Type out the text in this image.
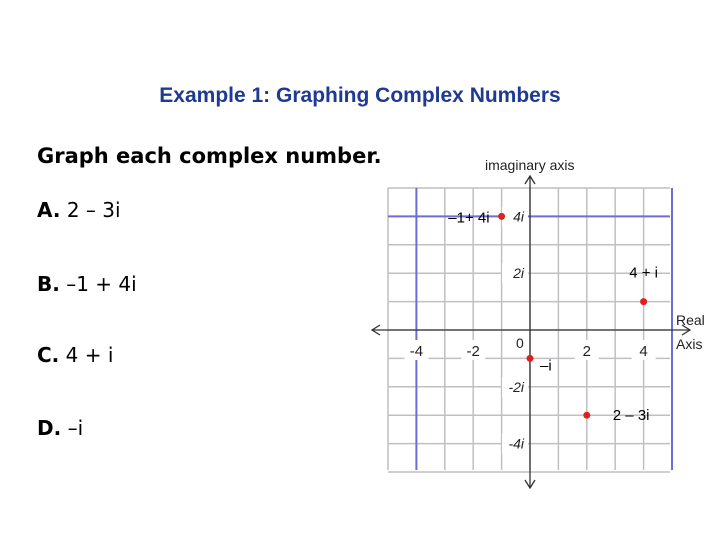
Example 1: Graphing Complex Numbers
Graph each complex number.
A. 2 – 3i
B. –1 + 4i
C. 4 + i
D. –i
imaginary axis
Real
Axis
0
-4	-2	2	4
4i
2i
-2i
-4i
–1+ 4i
4 + i
–i
2 – 3i
